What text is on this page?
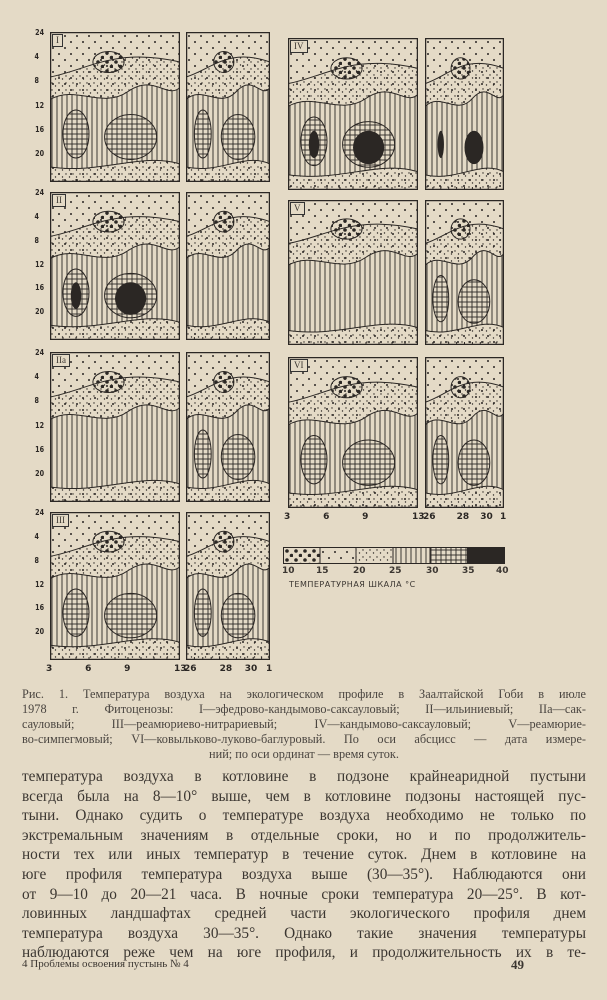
I
24
4
8
12
16
20
II
24
4
8
12
16
20
IIa
24
4
8
12
16
20
III
24
4
8
12
16
20
3	6	9	13
26	28 30 1
IV
V
VI
3	6	9	13
26 28 30 1
10 15	20	25	30	35 40
ТЕМПЕРАТУРНАЯ ШКАЛА °С
Рис. 1. Температура воздуха на экологическом профиле в Заалтайской Гоби в июле
1978 г. Фитоценозы: I—эфедрово-кандымово-саксауловый; II—ильиниевый; IIа—сак-
сауловый; III—реамюриево-нитрариевый; IV—кандымово-саксауловый; V—реамюрие-
во-симпегмовый; VI—ковыльково-луково-баглуровый. По оси абсцисс — дата измере-
ний; по оси ординат — время суток.
температура воздуха в котловине в подзоне крайнеаридной пустыни
всегда была на 8—10° выше, чем в котловине подзоны настоящей пус-
тыни. Однако судить о температуре воздуха необходимо не только по
экстремальным значениям в отдельные сроки, но и по продолжитель-
ности тех или иных температур в течение суток. Днем в котловине на
юге профиля температура воздуха выше (30—35°). Наблюдаются они
от 9—10 до 20—21 часа. В ночные сроки температура 20—25°. В кот-
ловинных ландшафтах средней части экологического профиля днем
температура воздуха 30—35°. Однако такие значения температуры
наблюдаются реже чем на юге профиля, и продолжительность их в те-
4 Проблемы освоения пустынь № 4	49
